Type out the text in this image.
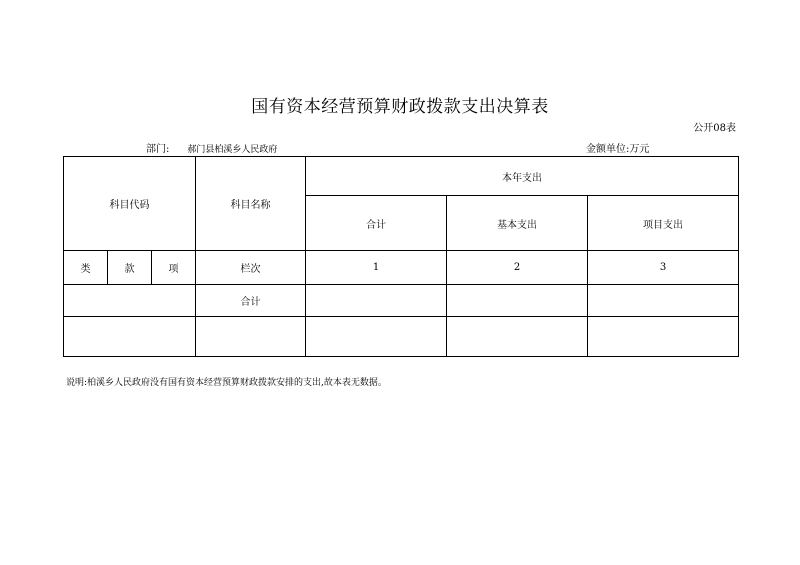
国有资本经营预算财政拨款支出决算表
公开08表
部门: 郝门县柏溪乡人民政府	金额单位:万元
科目代码			科目名称	本年支出		
				合计	基本支出	项目支出
类	款	项	栏次	1	2	3
			合计			

说明:柏溪乡人民政府没有国有资本经营预算财政拨款安排的支出,故本表无数据。
